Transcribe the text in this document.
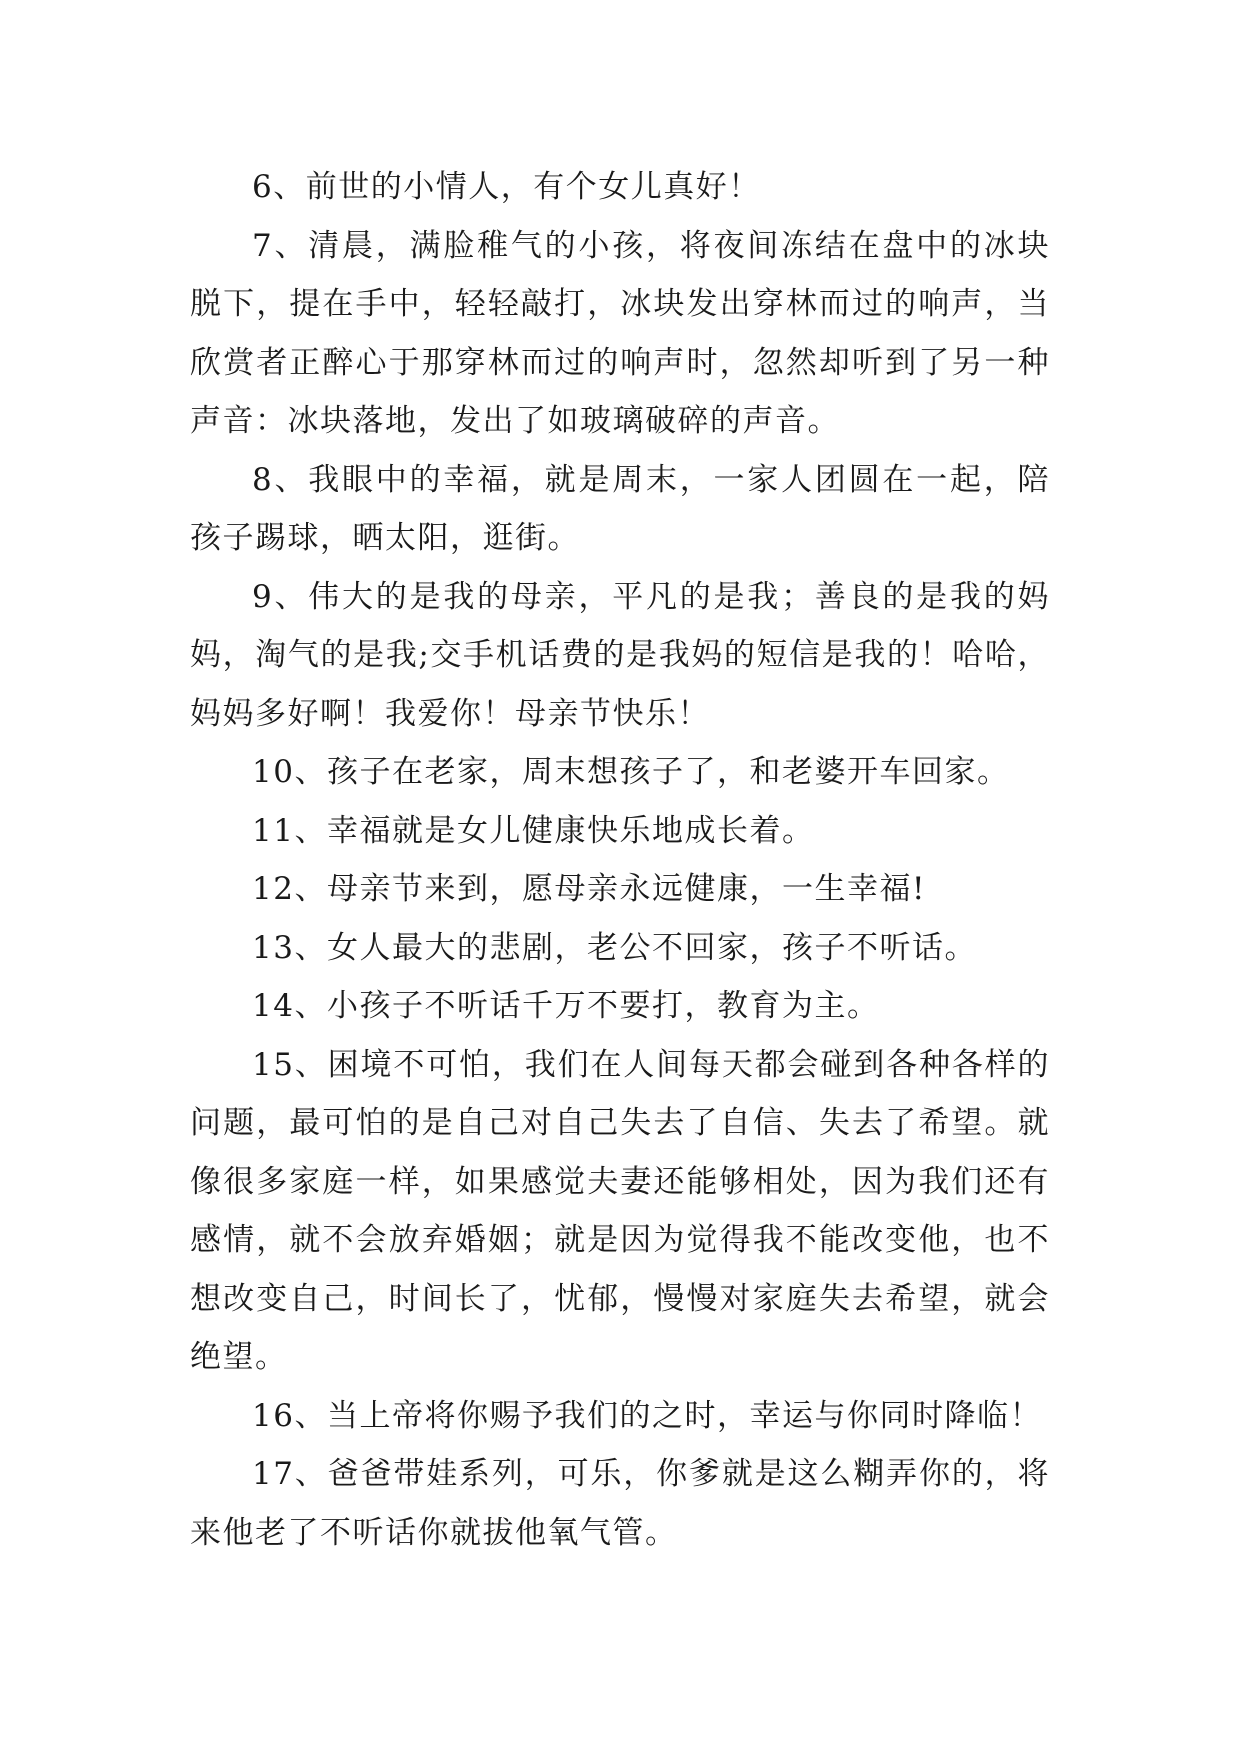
6、前世的小情人，有个女儿真好！

7、清晨，满脸稚气的小孩，将夜间冻结在盘中的冰块脱下，提在手中，轻轻敲打，冰块发出穿林而过的响声，当欣赏者正醉心于那穿林而过的响声时，忽然却听到了另一种声音：冰块落地，发出了如玻璃破碎的声音。

8、我眼中的幸福，就是周末，一家人团圆在一起，陪孩子踢球，晒太阳，逛街。

9、伟大的是我的母亲，平凡的是我；善良的是我的妈妈，淘气的是我;交手机话费的是我妈的短信是我的！哈哈，妈妈多好啊！我爱你！母亲节快乐！

10、孩子在老家，周末想孩子了，和老婆开车回家。

11、幸福就是女儿健康快乐地成长着。

12、母亲节来到，愿母亲永远健康，一生幸福!

13、女人最大的悲剧，老公不回家，孩子不听话。

14、小孩子不听话千万不要打，教育为主。

15、困境不可怕，我们在人间每天都会碰到各种各样的问题，最可怕的是自己对自己失去了自信、失去了希望。就像很多家庭一样，如果感觉夫妻还能够相处，因为我们还有感情，就不会放弃婚姻；就是因为觉得我不能改变他，也不想改变自己，时间长了，忧郁，慢慢对家庭失去希望，就会绝望。

16、当上帝将你赐予我们的之时，幸运与你同时降临！

17、爸爸带娃系列，可乐，你爹就是这么糊弄你的，将来他老了不听话你就拔他氧气管。
